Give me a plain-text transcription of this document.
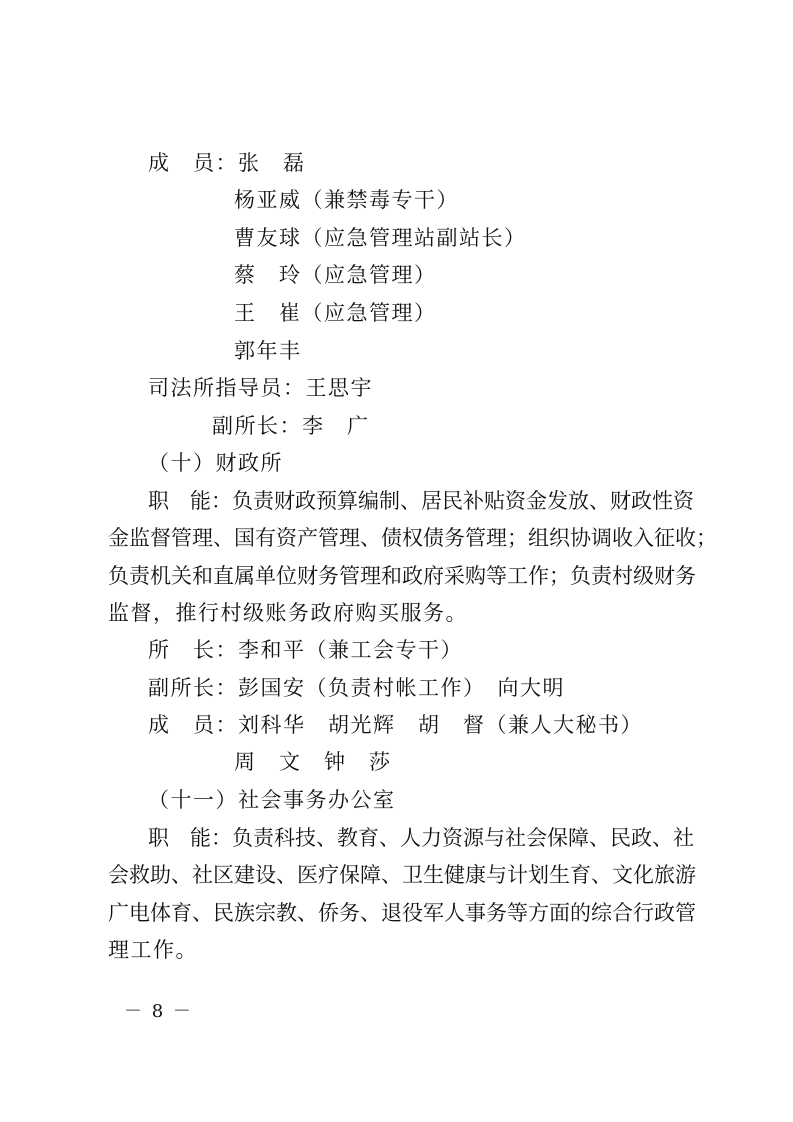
成　员：张　磊
杨亚威（兼禁毒专干）
曹友球（应急管理站副站长）
蔡　玲（应急管理）
王　崔（应急管理）
郭年丰
司法所指导员：王思宇
副所长：李　广
（十）财政所
职　能：负责财政预算编制、居民补贴资金发放、财政性资
金监督管理、国有资产管理、债权债务管理；组织协调收入征收；
负责机关和直属单位财务管理和政府采购等工作；负责村级财务
监督，推行村级账务政府购买服务。
所　长：李和平（兼工会专干）
副所长：彭国安（负责村帐工作）　向大明
成　员：刘科华　胡光辉　胡　督（兼人大秘书）
周　文　钟　莎
（十一）社会事务办公室
职　能：负责科技、教育、人力资源与社会保障、民政、社
会救助、社区建设、医疗保障、卫生健康与计划生育、文化旅游
广电体育、民族宗教、侨务、退役军人事务等方面的综合行政管
理工作。
－ 8 －
